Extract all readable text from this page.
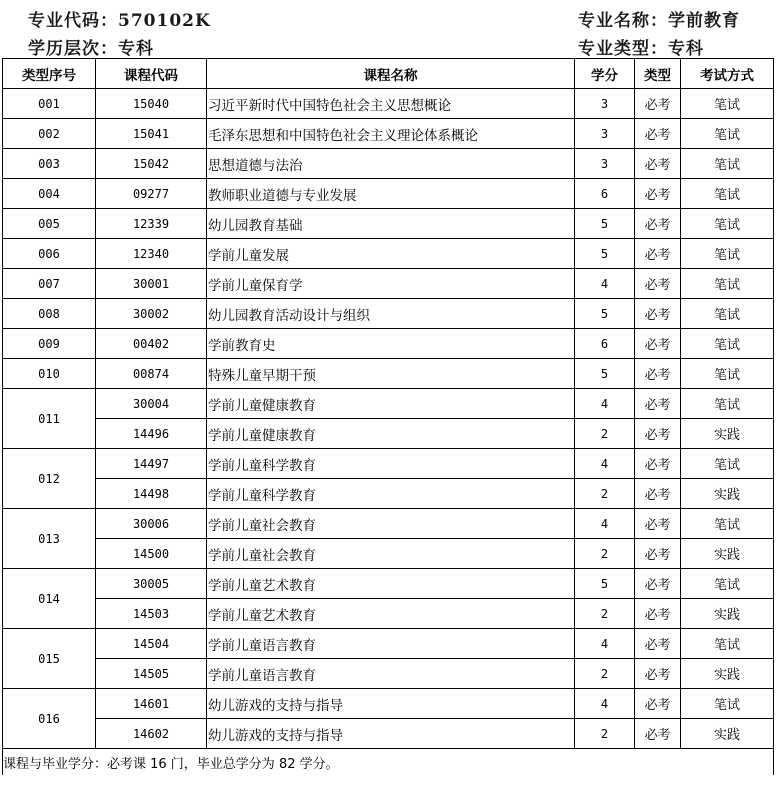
专业代码：570102K
学历层次：专科
专业名称：学前教育
专业类型：专科
类型序号	课程代码	课程名称	学分	类型	考试方式
001	15040	习近平新时代中国特色社会主义思想概论	3	必考	笔试
002	15041	毛泽东思想和中国特色社会主义理论体系概论	3	必考	笔试
003	15042	思想道德与法治	3	必考	笔试
004	09277	教师职业道德与专业发展	6	必考	笔试
005	12339	幼儿园教育基础	5	必考	笔试
006	12340	学前儿童发展	5	必考	笔试
007	30001	学前儿童保育学	4	必考	笔试
008	30002	幼儿园教育活动设计与组织	5	必考	笔试
009	00402	学前教育史	6	必考	笔试
010	00874	特殊儿童早期干预	5	必考	笔试
011	30004	学前儿童健康教育	4	必考	笔试
	14496	学前儿童健康教育	2	必考	实践
012	14497	学前儿童科学教育	4	必考	笔试
	14498	学前儿童科学教育	2	必考	实践
013	30006	学前儿童社会教育	4	必考	笔试
	14500	学前儿童社会教育	2	必考	实践
014	30005	学前儿童艺术教育	5	必考	笔试
	14503	学前儿童艺术教育	2	必考	实践
015	14504	学前儿童语言教育	4	必考	笔试
	14505	学前儿童语言教育	2	必考	实践
016	14601	幼儿游戏的支持与指导	4	必考	笔试
	14602	幼儿游戏的支持与指导	2	必考	实践
课程与毕业学分：必考课 16 门，毕业总学分为 82 学分。					
